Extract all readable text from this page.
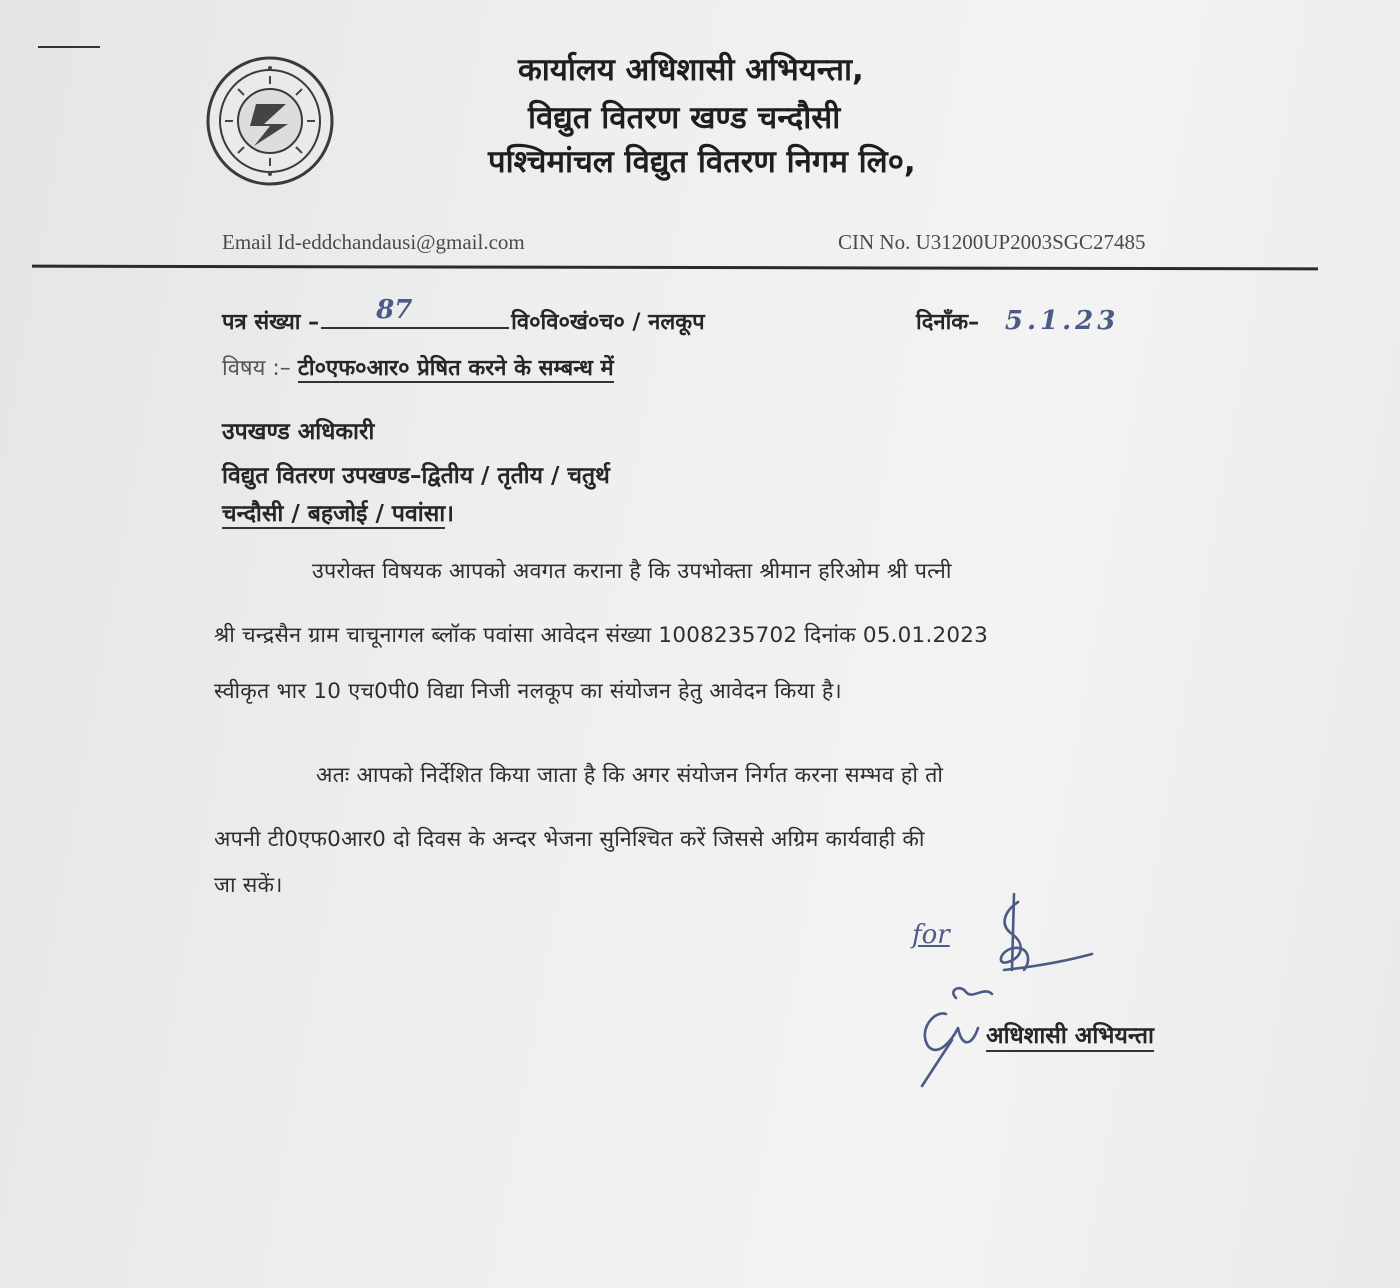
कार्यालय अधिशासी अभियन्ता,
विद्युत वितरण खण्ड चन्दौसी
पश्चिमांचल विद्युत वितरण निगम लि०,
Email Id-eddchandausi@gmail.com	CIN No. U31200UP2003SGC27485
पत्र संख्या – 87	वि०वि०खं०च० / नलकूप	दिनाँक– 5.1.23
विषय :– टी०एफ०आर० प्रेषित करने के सम्बन्ध में
उपखण्ड अधिकारी
विद्युत वितरण उपखण्ड–द्वितीय / तृतीय / चतुर्थ
चन्दौसी / बहजोई / पवांसा।
उपरोक्त विषयक आपको अवगत कराना है कि उपभोक्ता श्रीमान हरिओम श्री पत्नी
श्री चन्द्रसैन ग्राम चाचूनागल ब्लॉक पवांसा आवेदन संख्या 1008235702 दिनांक 05.01.2023
स्वीकृत भार 10 एच0पी0 विद्या निजी नलकूप का संयोजन हेतु आवेदन किया है।
अतः आपको निर्देशित किया जाता है कि अगर संयोजन निर्गत करना सम्भव हो तो
अपनी टी0एफ0आर0 दो दिवस के अन्दर भेजना सुनिश्चित करें जिससे अग्रिम कार्यवाही की
जा सकें।
for
अधिशासी अभियन्ता
